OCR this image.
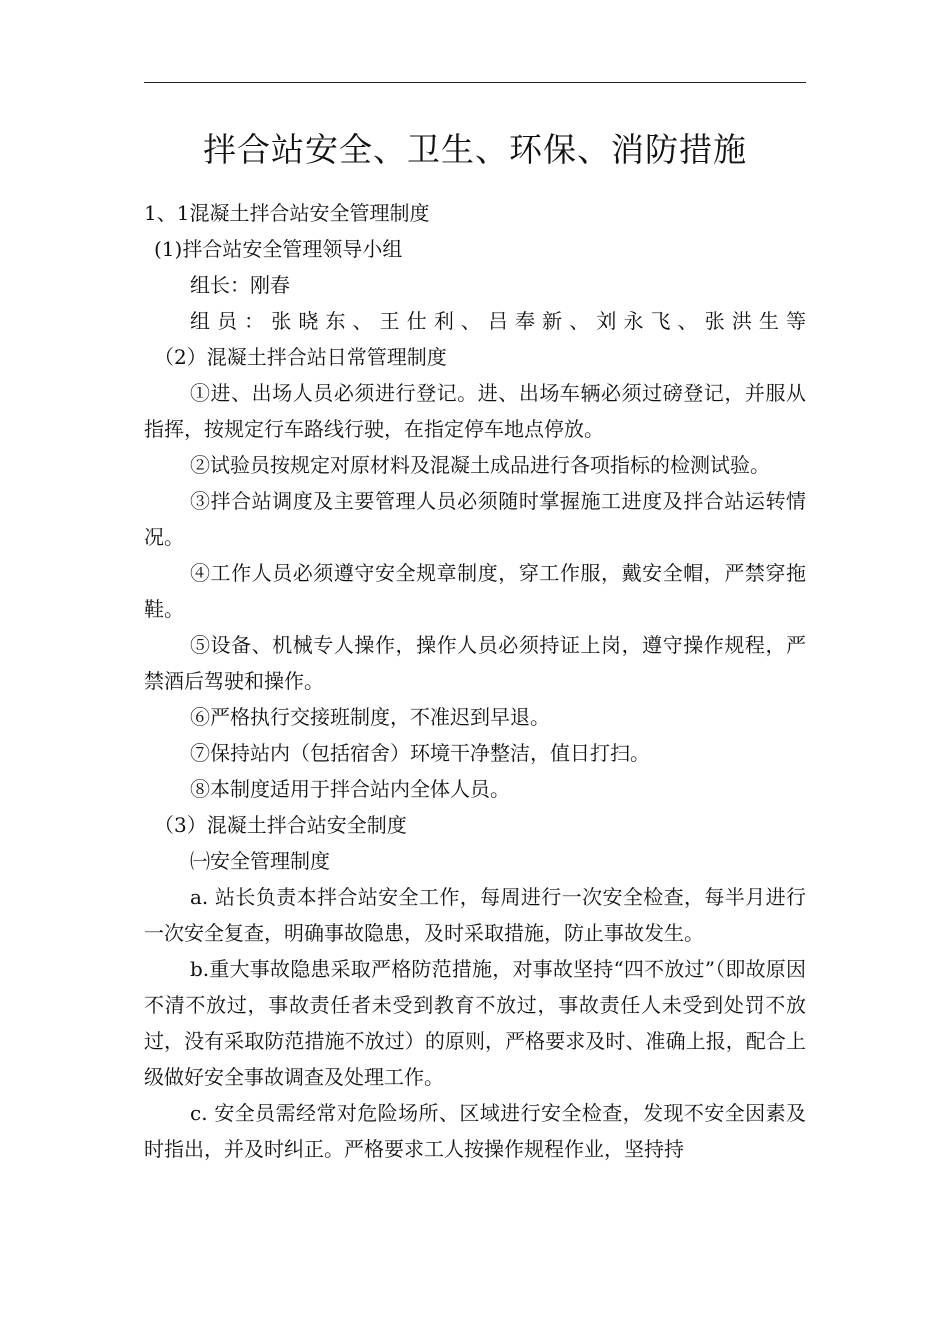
拌合站安全、卫生、环保、消防措施

1、1混凝土拌合站安全管理制度

(1)拌合站安全管理领导小组

组长：刚春

组员：张晓东、王仕利、吕奉新、刘永飞、张洪生等

（2）混凝土拌合站日常管理制度

①进、出场人员必须进行登记。进、出场车辆必须过磅登记，并服从指挥，按规定行车路线行驶，在指定停车地点停放。

②试验员按规定对原材料及混凝土成品进行各项指标的检测试验。

③拌合站调度及主要管理人员必须随时掌握施工进度及拌合站运转情况。

④工作人员必须遵守安全规章制度，穿工作服，戴安全帽，严禁穿拖鞋。

⑤设备、机械专人操作，操作人员必须持证上岗，遵守操作规程，严禁酒后驾驶和操作。

⑥严格执行交接班制度，不准迟到早退。

⑦保持站内（包括宿舍）环境干净整洁，值日打扫。

⑧本制度适用于拌合站内全体人员。

（3）混凝土拌合站安全制度

㈠安全管理制度

a. 站长负责本拌合站安全工作，每周进行一次安全检查，每半月进行一次安全复查，明确事故隐患，及时采取措施，防止事故发生。

b.重大事故隐患采取严格防范措施，对事故坚持“四不放过”（即故原因不清不放过，事故责任者未受到教育不放过，事故责任人未受到处罚不放过，没有采取防范措施不放过）的原则，严格要求及时、准确上报，配合上级做好安全事故调查及处理工作。

c. 安全员需经常对危险场所、区域进行安全检查，发现不安全因素及时指出，并及时纠正。严格要求工人按操作规程作业，坚持持
